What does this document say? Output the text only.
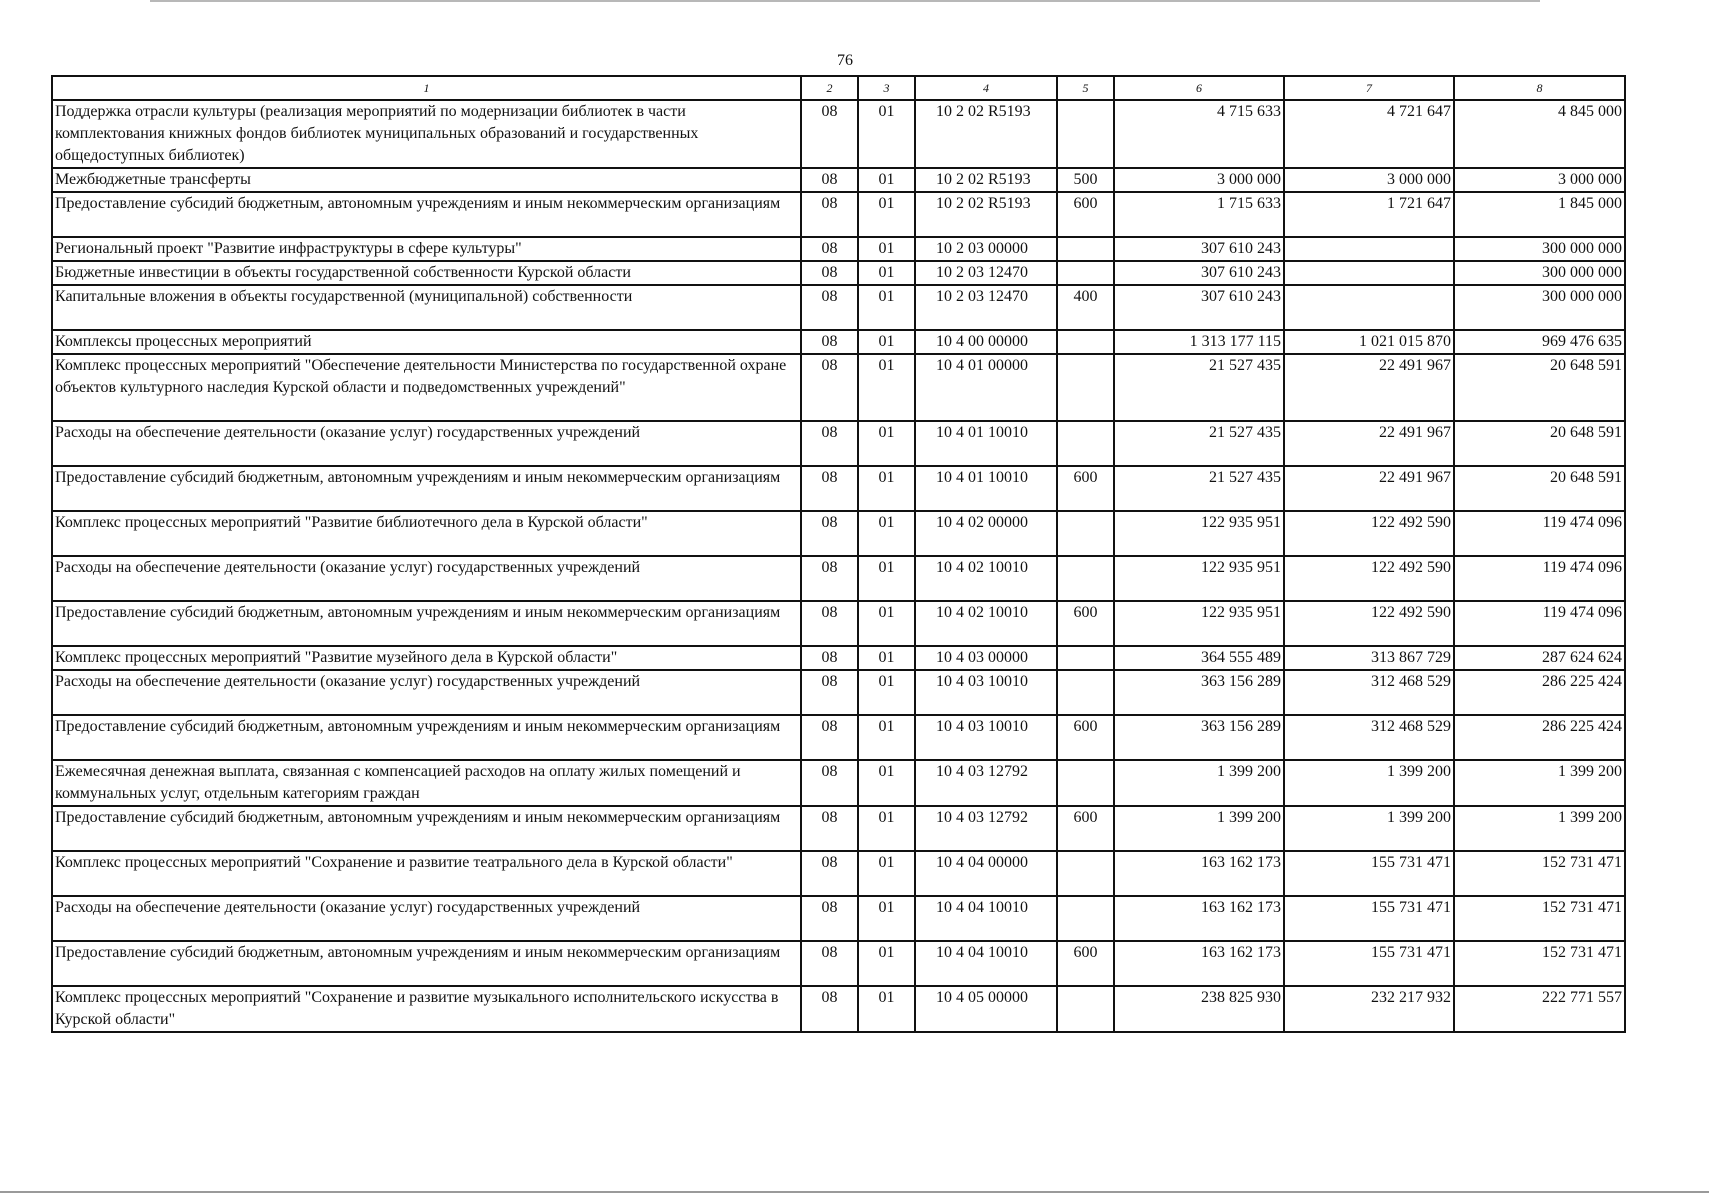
76
1	2	3	4	5	6	7	8
Поддержка отрасли культуры (реализация мероприятий по модернизации библиотек в части комплектования книжных фондов библиотек муниципальных образований и государственных общедоступных библиотек)	08	01	10 2 02 R5193		4 715 633	4 721 647	4 845 000
Межбюджетные трансферты	08	01	10 2 02 R5193	500	3 000 000	3 000 000	3 000 000
Предоставление субсидий бюджетным, автономным учреждениям и иным некоммерческим организациям	08	01	10 2 02 R5193	600	1 715 633	1 721 647	1 845 000
Региональный проект "Развитие инфраструктуры в сфере культуры"	08	01	10 2 03 00000		307 610 243		300 000 000
Бюджетные инвестиции в объекты государственной собственности Курской области	08	01	10 2 03 12470		307 610 243		300 000 000
Капитальные вложения в объекты государственной (муниципальной) собственности	08	01	10 2 03 12470	400	307 610 243		300 000 000
Комплексы процессных мероприятий	08	01	10 4 00 00000		1 313 177 115	1 021 015 870	969 476 635
Комплекс процессных мероприятий "Обеспечение деятельности Министерства по государственной охране объектов культурного наследия Курской области и подведомственных учреждений"	08	01	10 4 01 00000		21 527 435	22 491 967	20 648 591
Расходы на обеспечение деятельности (оказание услуг) государственных учреждений	08	01	10 4 01 10010		21 527 435	22 491 967	20 648 591
Предоставление субсидий бюджетным, автономным учреждениям и иным некоммерческим организациям	08	01	10 4 01 10010	600	21 527 435	22 491 967	20 648 591
Комплекс процессных мероприятий "Развитие библиотечного дела в Курской области"	08	01	10 4 02 00000		122 935 951	122 492 590	119 474 096
Расходы на обеспечение деятельности (оказание услуг) государственных учреждений	08	01	10 4 02 10010		122 935 951	122 492 590	119 474 096
Предоставление субсидий бюджетным, автономным учреждениям и иным некоммерческим организациям	08	01	10 4 02 10010	600	122 935 951	122 492 590	119 474 096
Комплекс процессных мероприятий "Развитие музейного дела в Курской области"	08	01	10 4 03 00000		364 555 489	313 867 729	287 624 624
Расходы на обеспечение деятельности (оказание услуг) государственных учреждений	08	01	10 4 03 10010		363 156 289	312 468 529	286 225 424
Предоставление субсидий бюджетным, автономным учреждениям и иным некоммерческим организациям	08	01	10 4 03 10010	600	363 156 289	312 468 529	286 225 424
Ежемесячная денежная выплата, связанная с компенсацией расходов на оплату жилых помещений и коммунальных услуг, отдельным категориям граждан	08	01	10 4 03 12792		1 399 200	1 399 200	1 399 200
Предоставление субсидий бюджетным, автономным учреждениям и иным некоммерческим организациям	08	01	10 4 03 12792	600	1 399 200	1 399 200	1 399 200
Комплекс процессных мероприятий "Сохранение и развитие театрального дела в Курской области"	08	01	10 4 04 00000		163 162 173	155 731 471	152 731 471
Расходы на обеспечение деятельности (оказание услуг) государственных учреждений	08	01	10 4 04 10010		163 162 173	155 731 471	152 731 471
Предоставление субсидий бюджетным, автономным учреждениям и иным некоммерческим организациям	08	01	10 4 04 10010	600	163 162 173	155 731 471	152 731 471
Комплекс процессных мероприятий "Сохранение и развитие музыкального исполнительского искусства в Курской области"	08	01	10 4 05 00000		238 825 930	232 217 932	222 771 557
